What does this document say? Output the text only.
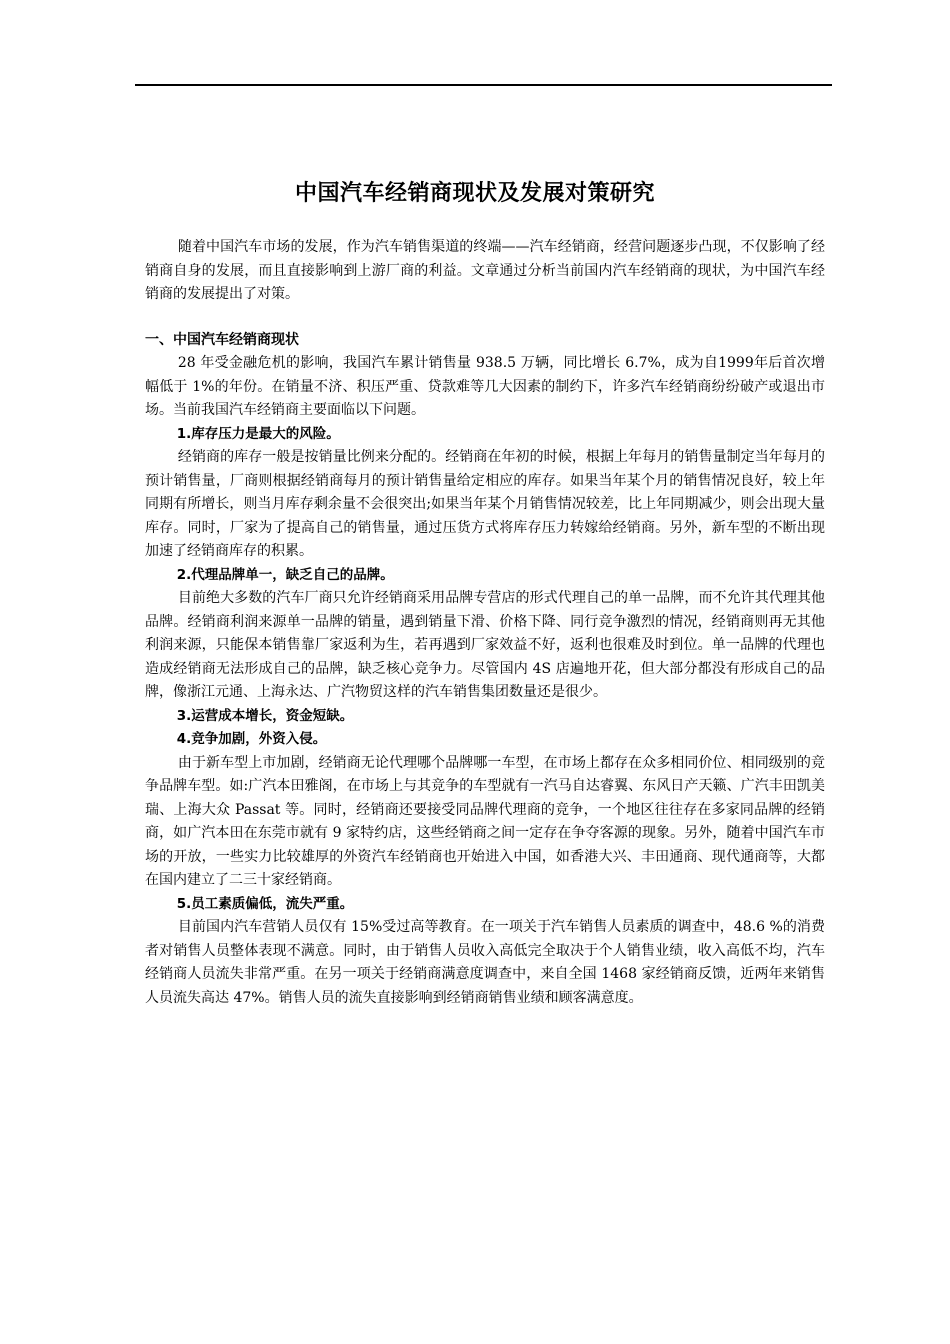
中国汽车经销商现状及发展对策研究

随着中国汽车市场的发展，作为汽车销售渠道的终端——汽车经销商，经营问题逐步凸现，不仅影响了经销商自身的发展，而且直接影响到上游厂商的利益。文章通过分析当前国内汽车经销商的现状，为中国汽车经销商的发展提出了对策。

一、中国汽车经销商现状

28 年受金融危机的影响，我国汽车累计销售量 938.5 万辆，同比增长 6.7%，成为自1999年后首次增幅低于 1%的年份。在销量不济、积压严重、贷款难等几大因素的制约下，许多汽车经销商纷纷破产或退出市场。当前我国汽车经销商主要面临以下问题。

1.库存压力是最大的风险。

经销商的库存一般是按销量比例来分配的。经销商在年初的时候，根据上年每月的销售量制定当年每月的预计销售量，厂商则根据经销商每月的预计销售量给定相应的库存。如果当年某个月的销售情况良好，较上年同期有所增长，则当月库存剩余量不会很突出;如果当年某个月销售情况较差，比上年同期减少，则会出现大量库存。同时，厂家为了提高自己的销售量，通过压货方式将库存压力转嫁给经销商。另外，新车型的不断出现加速了经销商库存的积累。

2.代理品牌单一，缺乏自己的品牌。

目前绝大多数的汽车厂商只允许经销商采用品牌专营店的形式代理自己的单一品牌，而不允许其代理其他品牌。经销商利润来源单一品牌的销量，遇到销量下滑、价格下降、同行竞争激烈的情况，经销商则再无其他利润来源，只能保本销售靠厂家返利为生，若再遇到厂家效益不好，返利也很难及时到位。单一品牌的代理也造成经销商无法形成自己的品牌，缺乏核心竞争力。尽管国内 4S 店遍地开花，但大部分都没有形成自己的品牌，像浙江元通、上海永达、广汽物贸这样的汽车销售集团数量还是很少。

3.运营成本增长，资金短缺。

4.竞争加剧，外资入侵。

由于新车型上市加剧，经销商无论代理哪个品牌哪一车型，在市场上都存在众多相同价位、相同级别的竞争品牌车型。如:广汽本田雅阁，在市场上与其竞争的车型就有一汽马自达睿翼、东风日产天籁、广汽丰田凯美瑞、上海大众 Passat 等。同时，经销商还要接受同品牌代理商的竞争，一个地区往往存在多家同品牌的经销商，如广汽本田在东莞市就有 9 家特约店，这些经销商之间一定存在争夺客源的现象。另外，随着中国汽车市场的开放，一些实力比较雄厚的外资汽车经销商也开始进入中国，如香港大兴、丰田通商、现代通商等，大都在国内建立了二三十家经销商。

5.员工素质偏低，流失严重。

目前国内汽车营销人员仅有 15%受过高等教育。在一项关于汽车销售人员素质的调查中，48.6 %的消费者对销售人员整体表现不满意。同时，由于销售人员收入高低完全取决于个人销售业绩，收入高低不均，汽车经销商人员流失非常严重。在另一项关于经销商满意度调查中，来自全国 1468 家经销商反馈，近两年来销售人员流失高达 47%。销售人员的流失直接影响到经销商销售业绩和顾客满意度。
